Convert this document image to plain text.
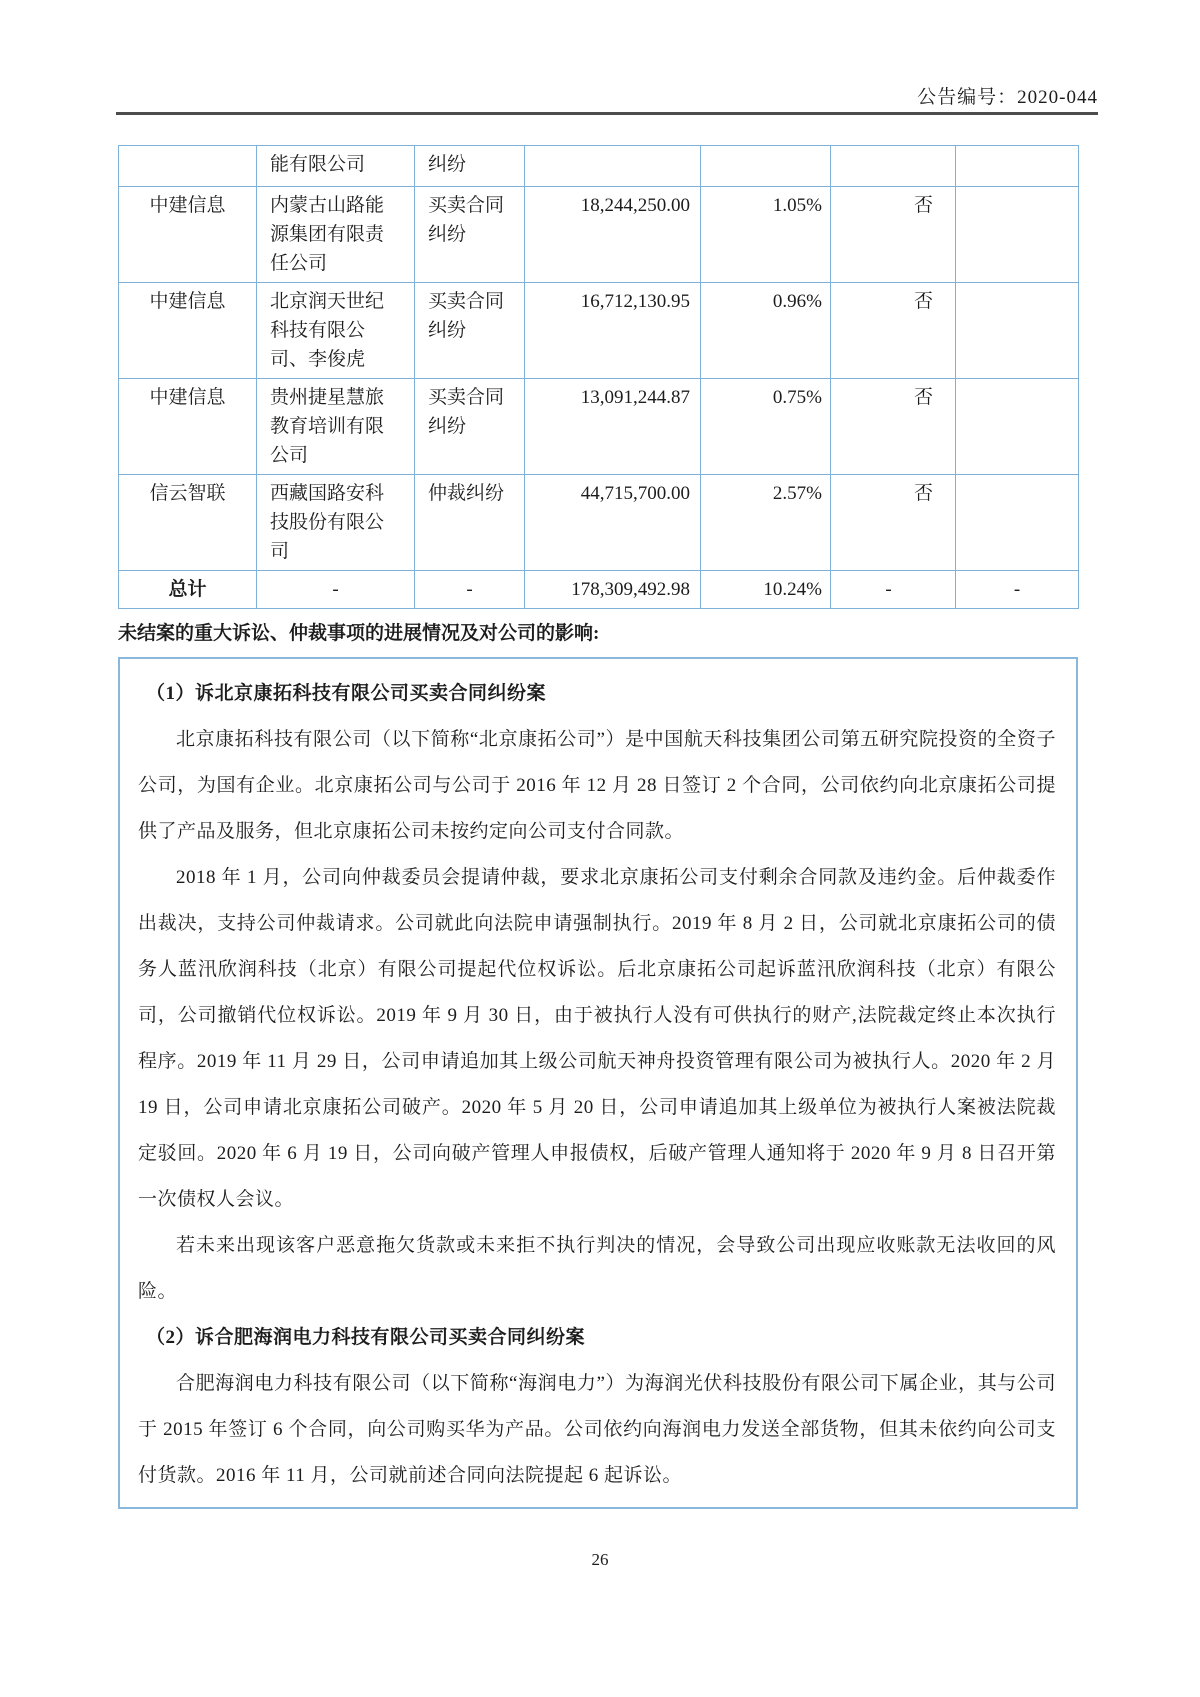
公告编号：2020-044
	能有限公司	纠纷				
中建信息	内蒙古山路能源集团有限责任公司	买卖合同纠纷	18,244,250.00	1.05%	否	
中建信息	北京润天世纪科技有限公司、李俊虎	买卖合同纠纷	16,712,130.95	0.96%	否	
中建信息	贵州捷星慧旅教育培训有限公司	买卖合同纠纷	13,091,244.87	0.75%	否	
信云智联	西藏国路安科技股份有限公司	仲裁纠纷	44,715,700.00	2.57%	否	
总计	-	-	178,309,492.98	10.24%	-	-
未结案的重大诉讼、仲裁事项的进展情况及对公司的影响:
（1）诉北京康拓科技有限公司买卖合同纠纷案

北京康拓科技有限公司（以下简称“北京康拓公司”）是中国航天科技集团公司第五研究院投资的全资子公司，为国有企业。北京康拓公司与公司于 2016 年 12 月 28 日签订 2 个合同，公司依约向北京康拓公司提供了产品及服务，但北京康拓公司未按约定向公司支付合同款。

2018 年 1 月，公司向仲裁委员会提请仲裁，要求北京康拓公司支付剩余合同款及违约金。后仲裁委作出裁决，支持公司仲裁请求。公司就此向法院申请强制执行。2019 年 8 月 2 日，公司就北京康拓公司的债务人蓝汛欣润科技（北京）有限公司提起代位权诉讼。后北京康拓公司起诉蓝汛欣润科技（北京）有限公司，公司撤销代位权诉讼。2019 年 9 月 30 日，由于被执行人没有可供执行的财产,法院裁定终止本次执行程序。2019 年 11 月 29 日，公司申请追加其上级公司航天神舟投资管理有限公司为被执行人。2020 年 2 月 19 日，公司申请北京康拓公司破产。2020 年 5 月 20 日，公司申请追加其上级单位为被执行人案被法院裁定驳回。2020 年 6 月 19 日，公司向破产管理人申报债权，后破产管理人通知将于 2020 年 9 月 8 日召开第一次债权人会议。

若未来出现该客户恶意拖欠货款或未来拒不执行判决的情况，会导致公司出现应收账款无法收回的风险。

（2）诉合肥海润电力科技有限公司买卖合同纠纷案

合肥海润电力科技有限公司（以下简称“海润电力”）为海润光伏科技股份有限公司下属企业，其与公司于 2015 年签订 6 个合同，向公司购买华为产品。公司依约向海润电力发送全部货物，但其未依约向公司支付货款。2016 年 11 月，公司就前述合同向法院提起 6 起诉讼。

26
